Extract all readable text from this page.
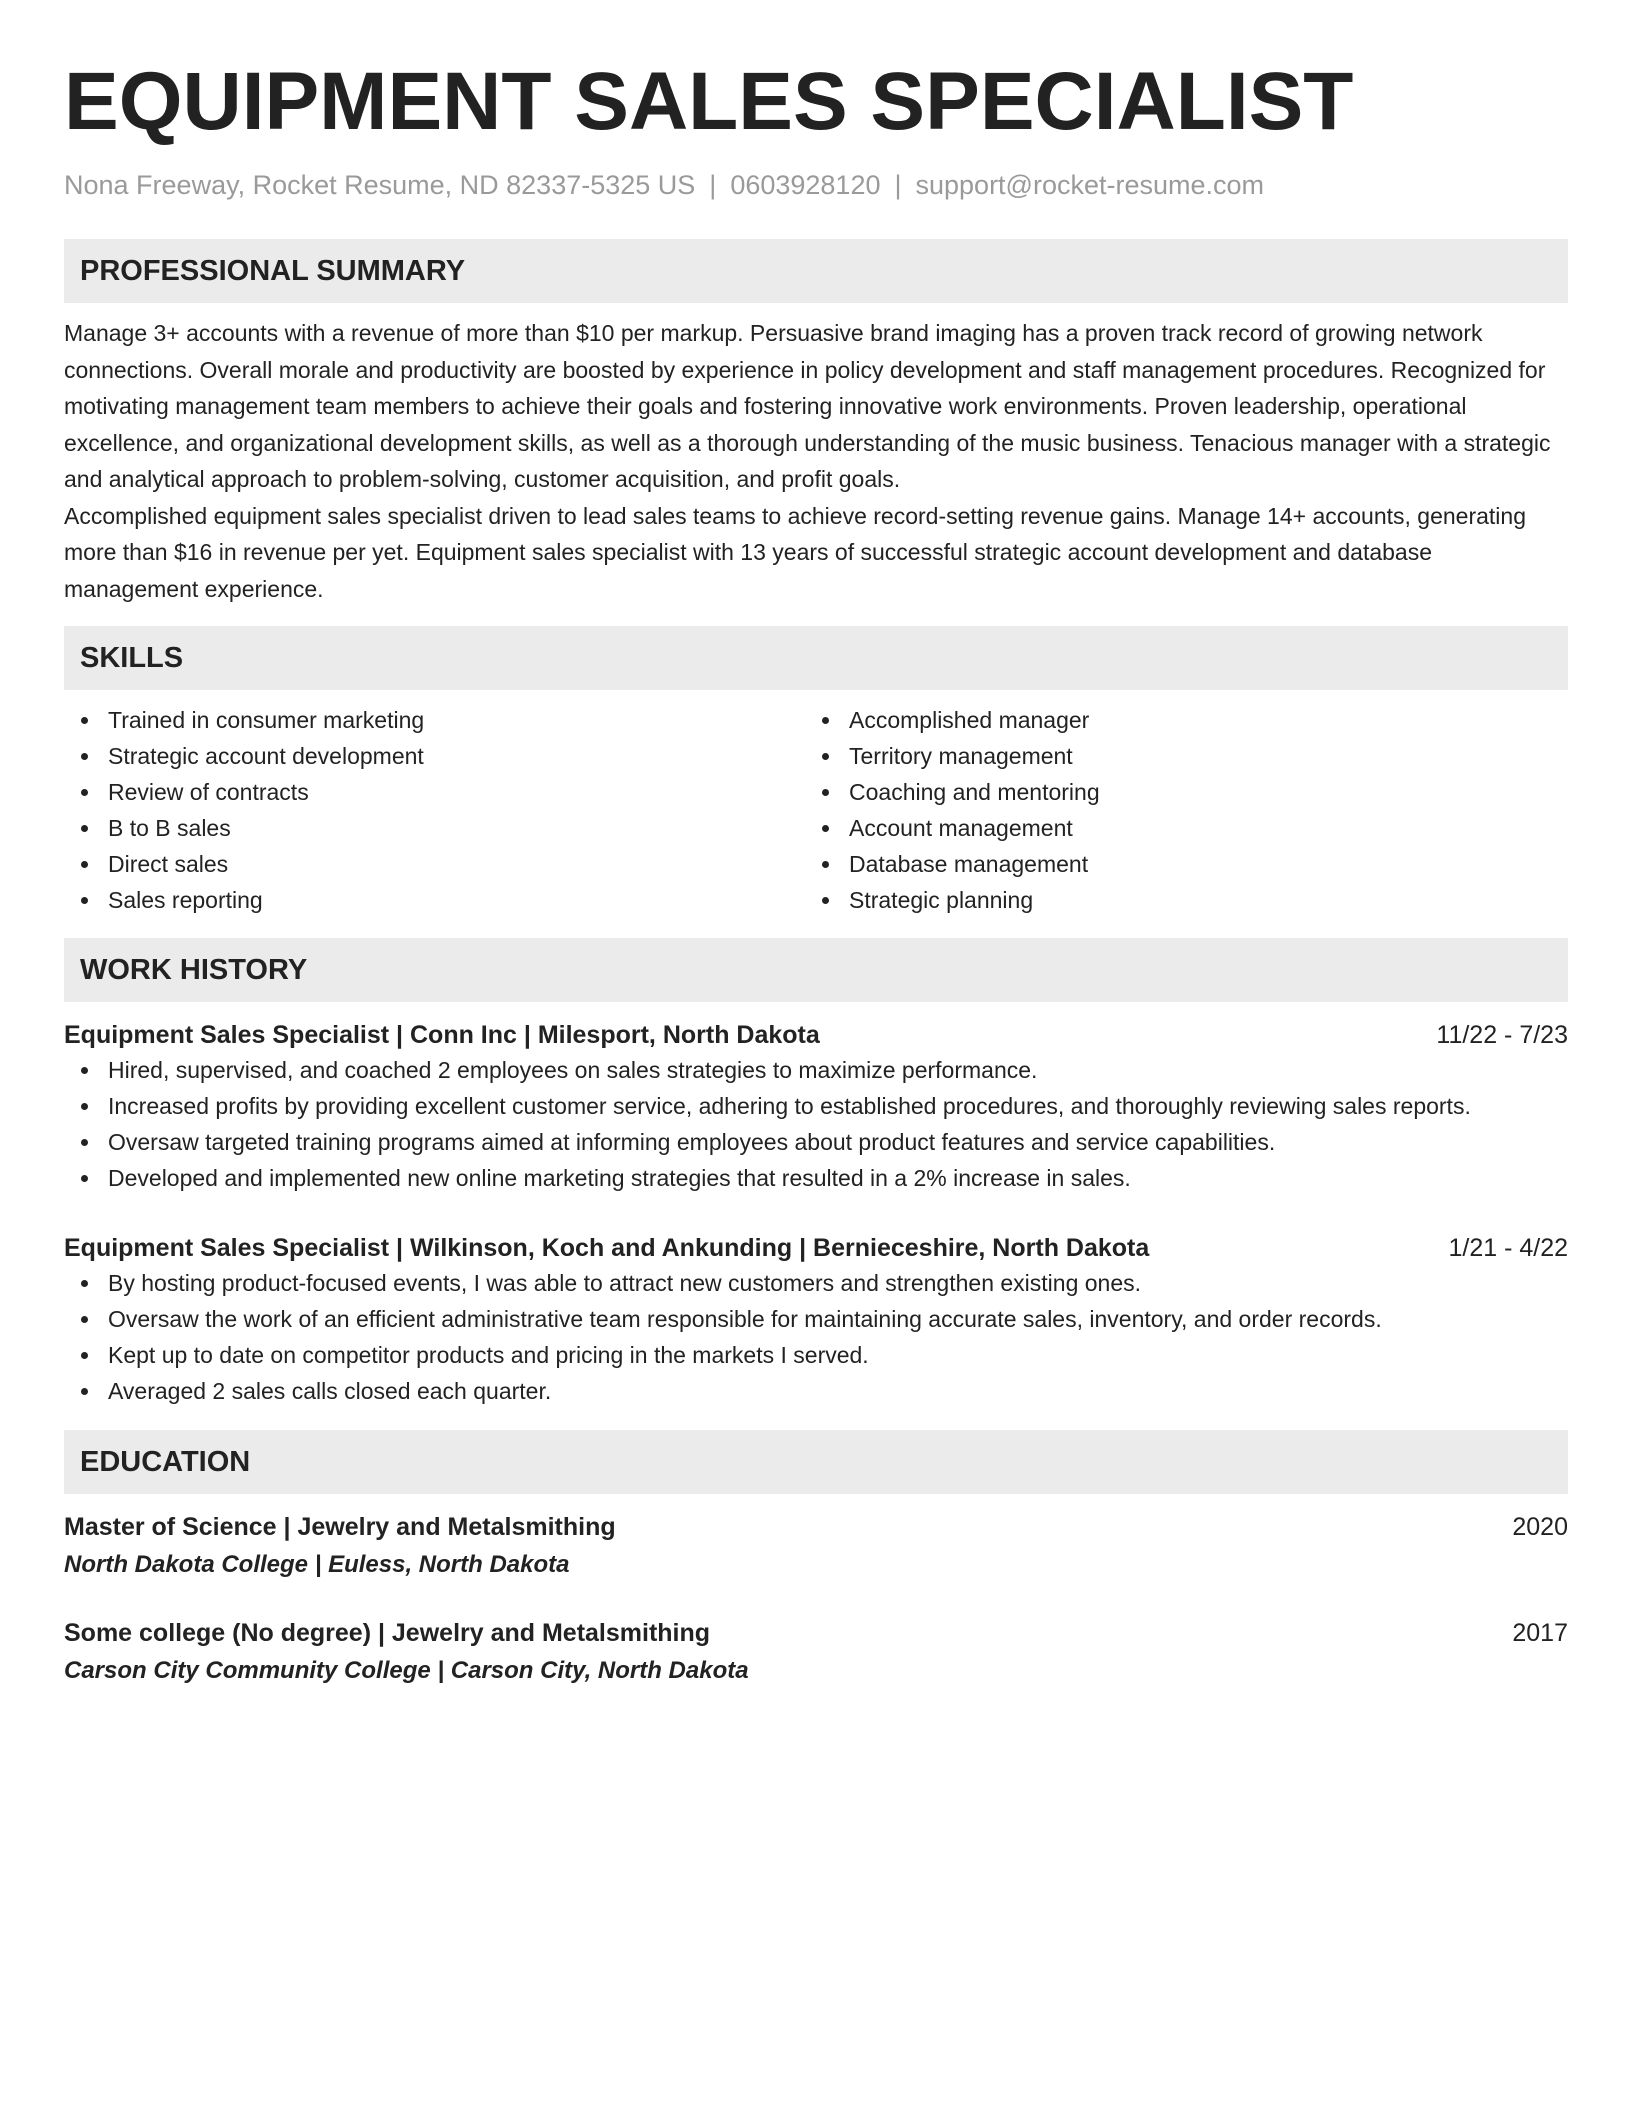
EQUIPMENT SALES SPECIALIST
Nona Freeway, Rocket Resume, ND 82337-5325 US | 0603928120 | support@rocket-resume.com
PROFESSIONAL SUMMARY

Manage 3+ accounts with a revenue of more than $10 per markup. Persuasive brand imaging has a proven track record of growing network connections. Overall morale and productivity are boosted by experience in policy development and staff management procedures. Recognized for motivating management team members to achieve their goals and fostering innovative work environments. Proven leadership, operational excellence, and organizational development skills, as well as a thorough understanding of the music business. Tenacious manager with a strategic and analytical approach to problem-solving, customer acquisition, and profit goals.

Accomplished equipment sales specialist driven to lead sales teams to achieve record-setting revenue gains. Manage 14+ accounts, generating more than $16 in revenue per yet. Equipment sales specialist with 13 years of successful strategic account development and database management experience.

SKILLS
Trained in consumer marketing
Strategic account development
Review of contracts
B to B sales
Direct sales
Sales reporting
Accomplished manager
Territory management
Coaching and mentoring
Account management
Database management
Strategic planning
WORK HISTORY
Equipment Sales Specialist | Conn Inc | Milesport, North Dakota	11/22 - 7/23
Hired, supervised, and coached 2 employees on sales strategies to maximize performance.
Increased profits by providing excellent customer service, adhering to established procedures, and thoroughly reviewing sales reports.
Oversaw targeted training programs aimed at informing employees about product features and service capabilities.
Developed and implemented new online marketing strategies that resulted in a 2% increase in sales.
Equipment Sales Specialist | Wilkinson, Koch and Ankunding | Bernieceshire, North Dakota	1/21 - 4/22
By hosting product-focused events, I was able to attract new customers and strengthen existing ones.
Oversaw the work of an efficient administrative team responsible for maintaining accurate sales, inventory, and order records.
Kept up to date on competitor products and pricing in the markets I served.
Averaged 2 sales calls closed each quarter.
EDUCATION
Master of Science | Jewelry and Metalsmithing	2020
North Dakota College | Euless, North Dakota
Some college (No degree) | Jewelry and Metalsmithing	2017
Carson City Community College | Carson City, North Dakota
